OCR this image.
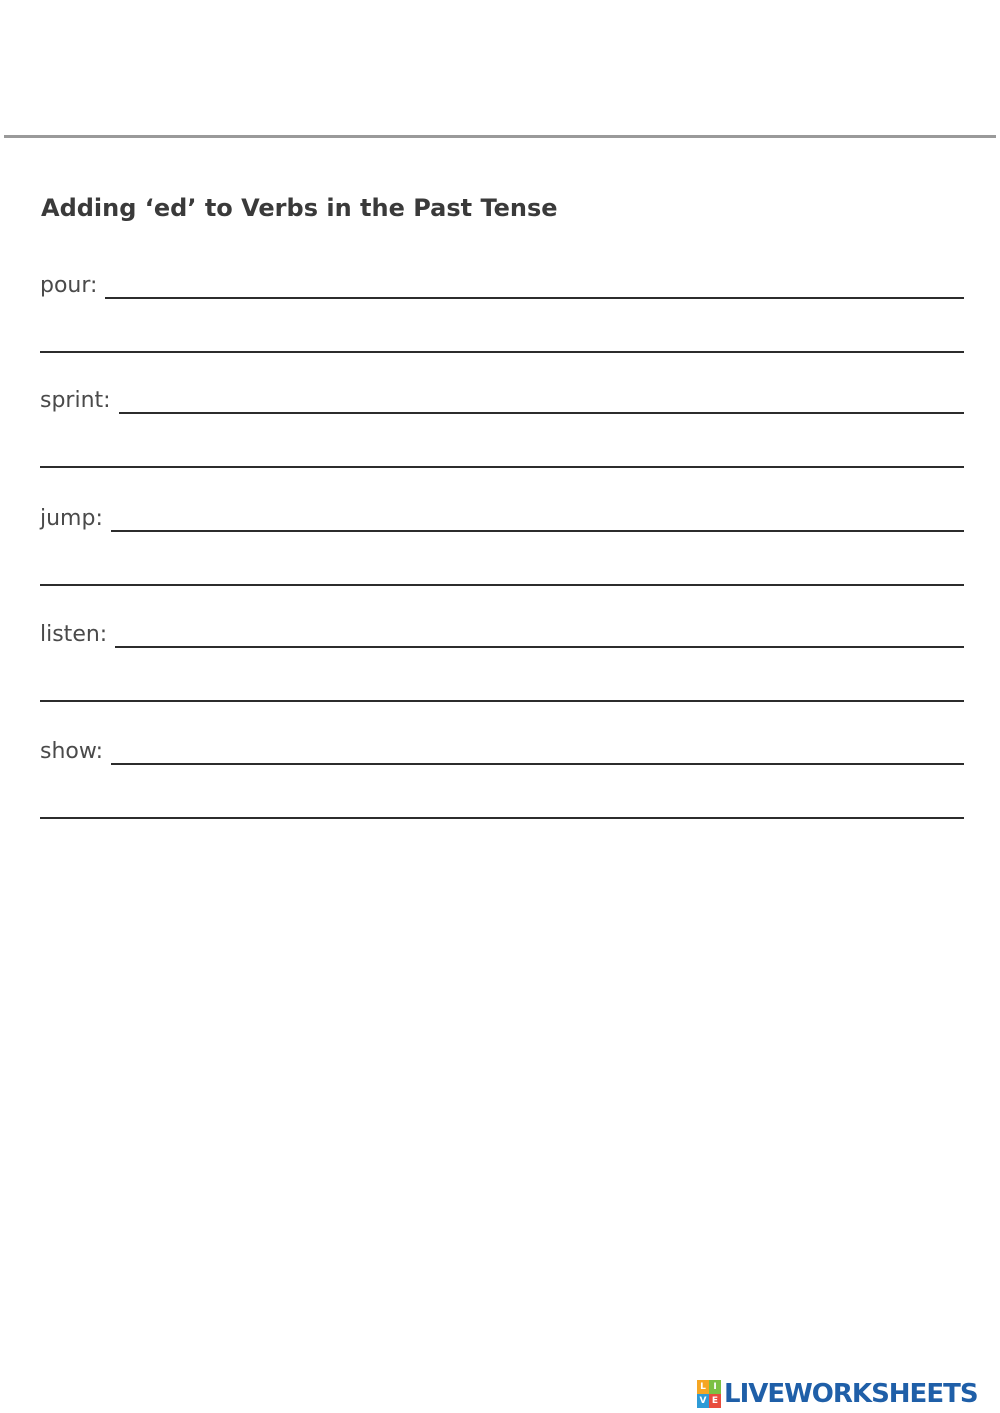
Adding ‘ed’ to Verbs in the Past Tense
pour:
sprint:
jump:
listen:
show:
L I
V E LIVEWORKSHEETS
